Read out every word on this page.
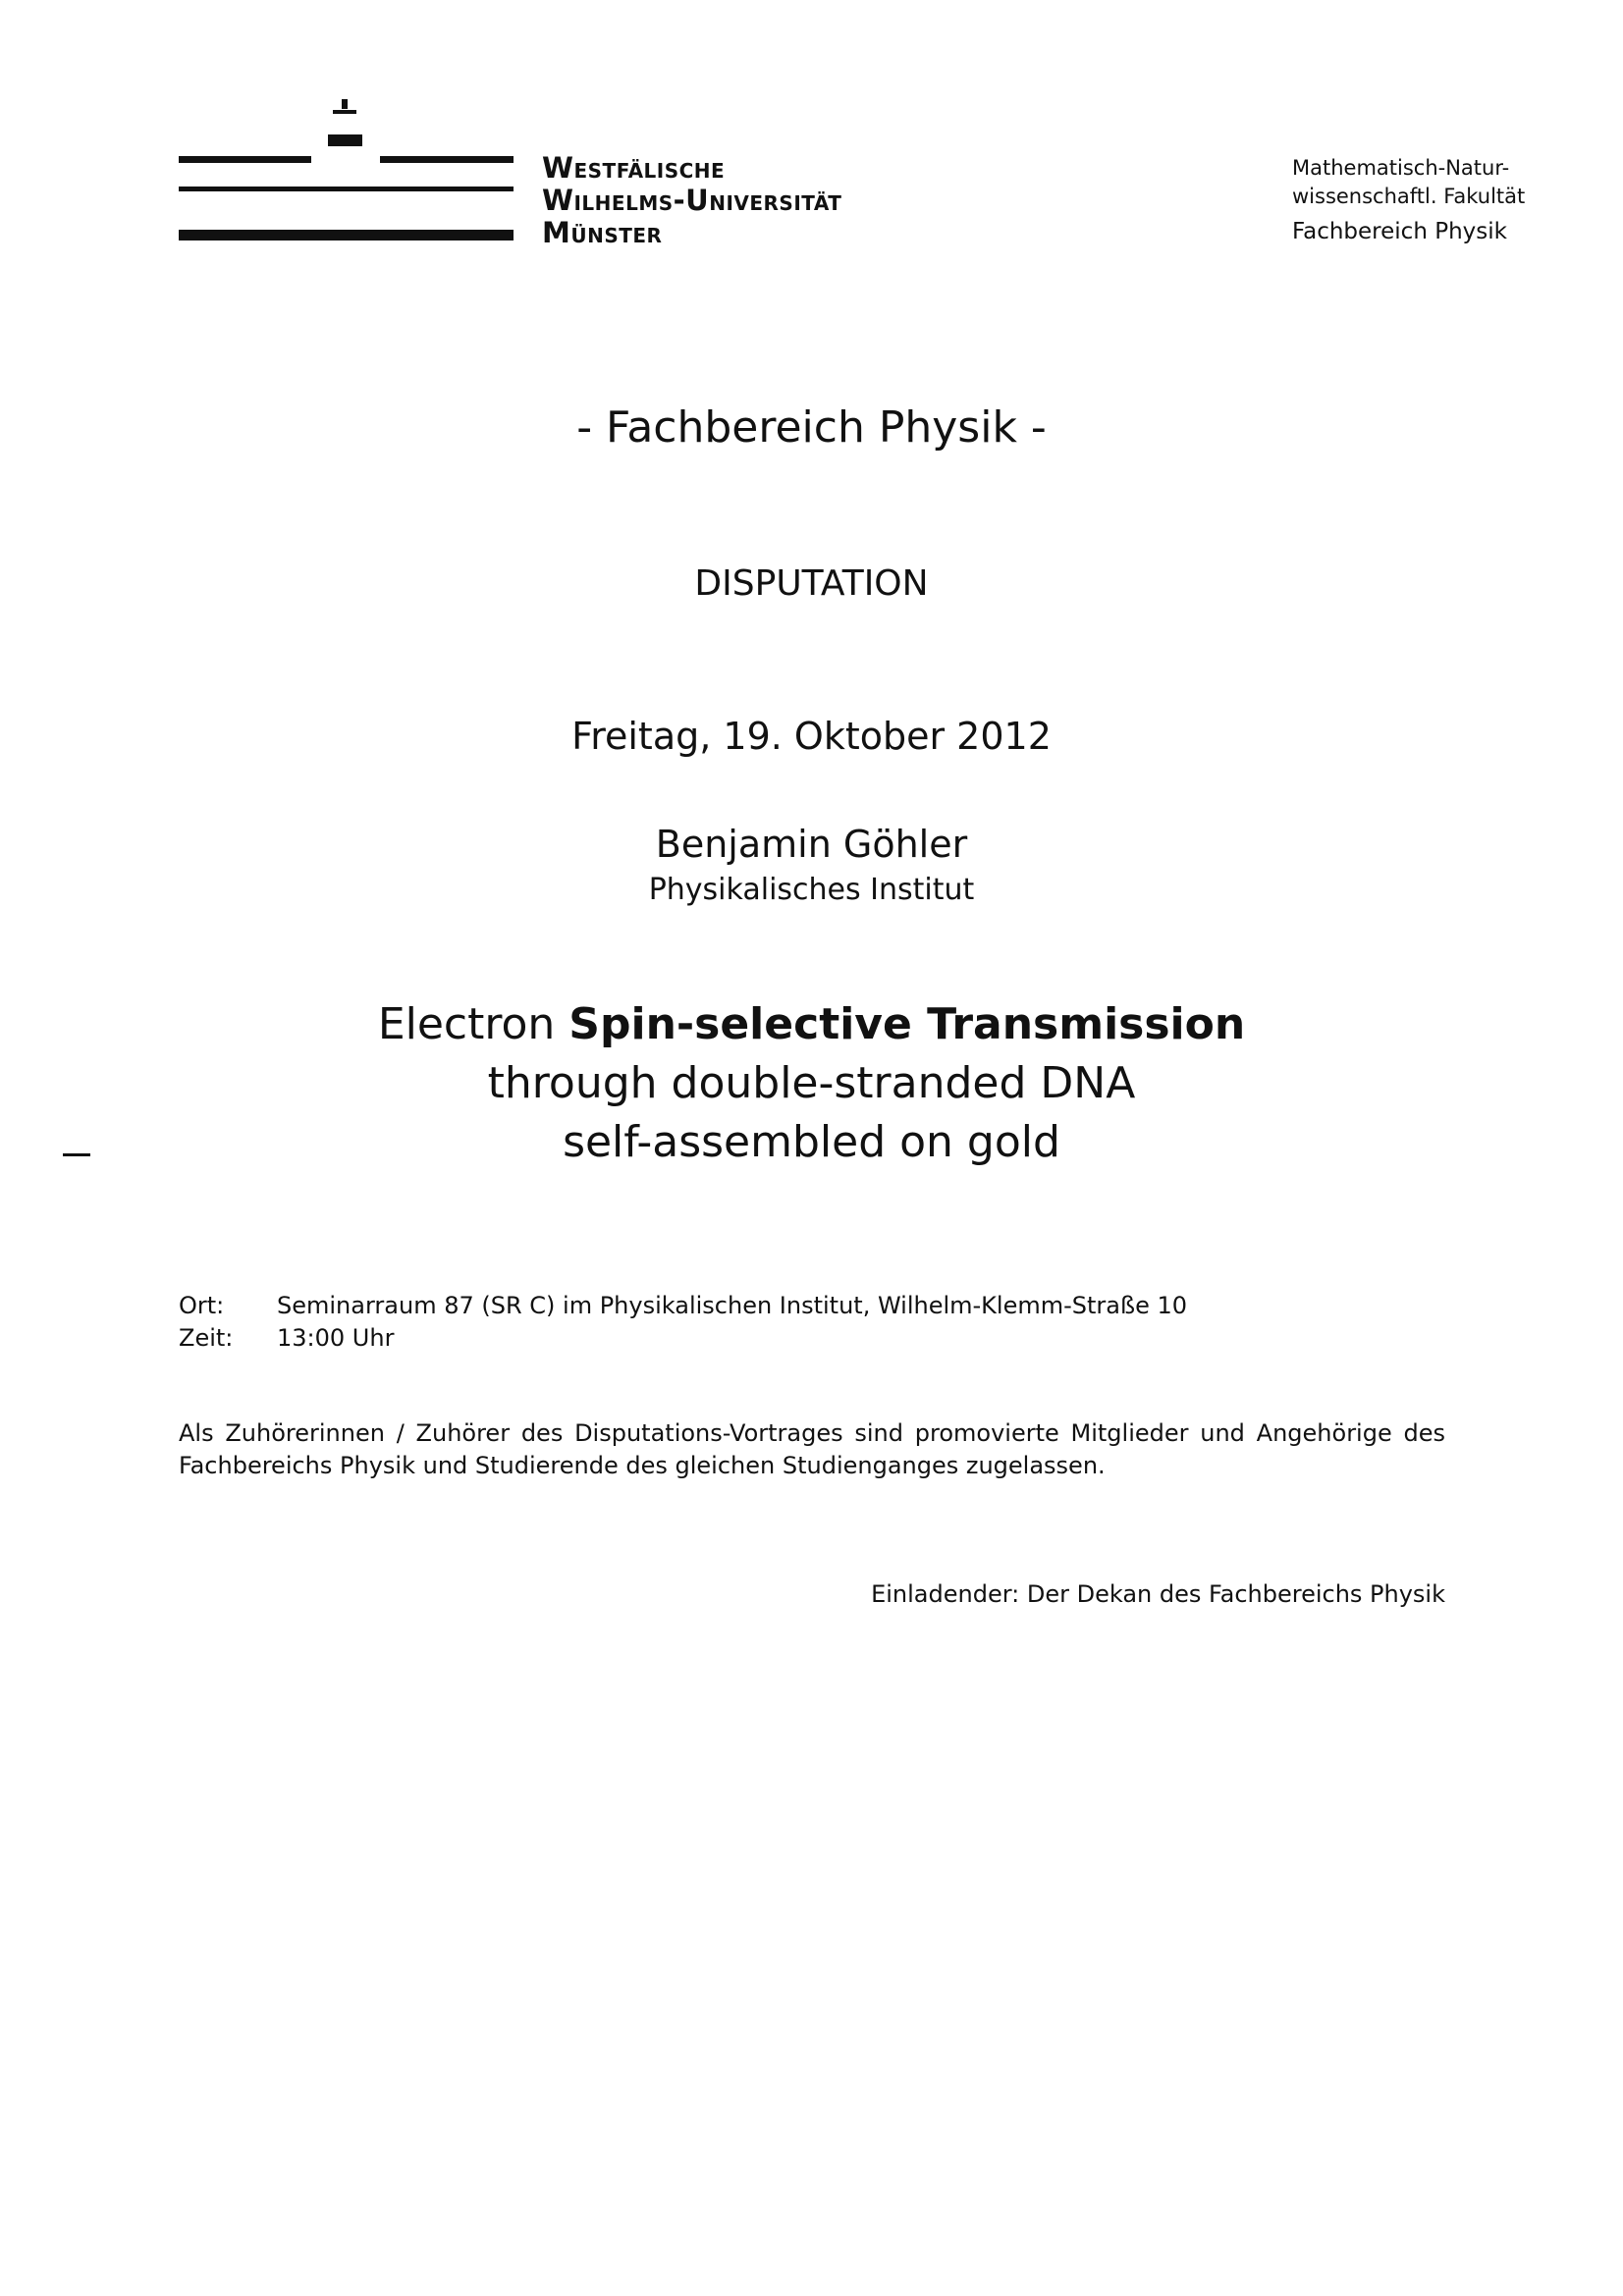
Westfälische
Wilhelms-Universität
Münster
Mathematisch-Natur-
wissenschaftl. Fakultät
Fachbereich Physik
- Fachbereich Physik -
DISPUTATION
Freitag, 19. Oktober 2012
Benjamin Göhler
Physikalisches Institut
Electron Spin-selective Transmission
through double-stranded DNA
self-assembled on gold
Ort:	Seminarraum 87 (SR C) im Physikalischen Institut, Wilhelm-Klemm-Straße 10
Zeit:	13:00 Uhr
Als Zuhörerinnen / Zuhörer des Disputations-Vortrages sind promovierte Mitglieder und Angehörige des Fachbereichs Physik und Studierende des gleichen Studienganges zugelassen.
Einladender: Der Dekan des Fachbereichs Physik
